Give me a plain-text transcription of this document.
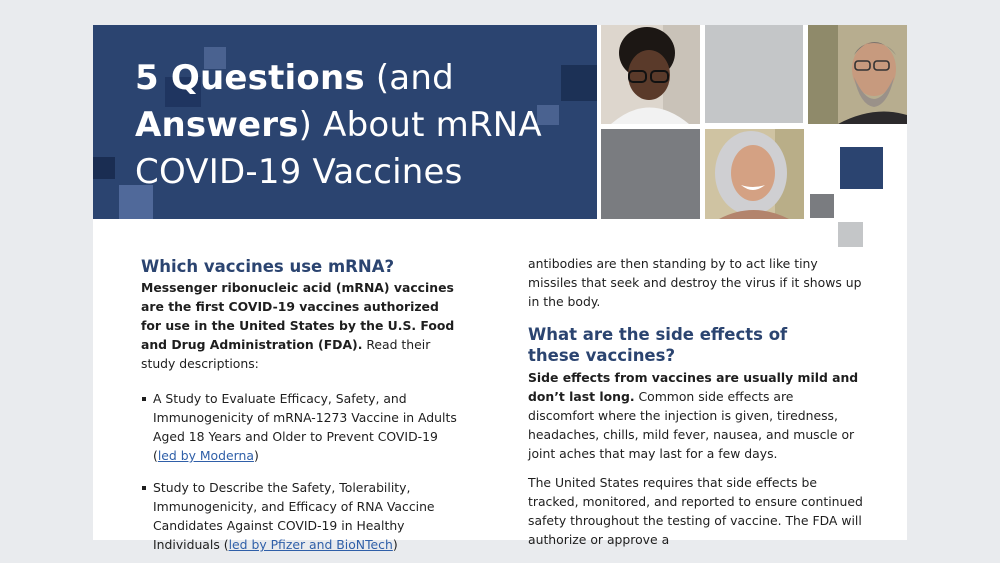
5 Questions (and
Answers) About mRNA
COVID-19 Vaccines
Which vaccines use mRNA?

Messenger ribonucleic acid (mRNA) vaccines are the first COVID-19 vaccines authorized for use in the United States by the U.S. Food and Drug Administration (FDA). Read their study descriptions:

A Study to Evaluate Efficacy, Safety, and Immunogenicity of mRNA-1273 Vaccine in Adults Aged 18 Years and Older to Prevent COVID-19 (led by Moderna)
Study to Describe the Safety, Tolerability, Immunogenicity, and Efficacy of RNA Vaccine Candidates Against COVID-19 in Healthy Individuals (led by Pfizer and BioNTech)

antibodies are then standing by to act like tiny missiles that seek and destroy the virus if it shows up in the body.

What are the side effects of
these vaccines?

Side effects from vaccines are usually mild and don’t last long. Common side effects are discomfort where the injection is given, tiredness, headaches, chills, mild fever, nausea, and muscle or joint aches that may last for a few days.

The United States requires that side effects be tracked, monitored, and reported to ensure continued safety throughout the testing of vaccine. The FDA will authorize or approve a
